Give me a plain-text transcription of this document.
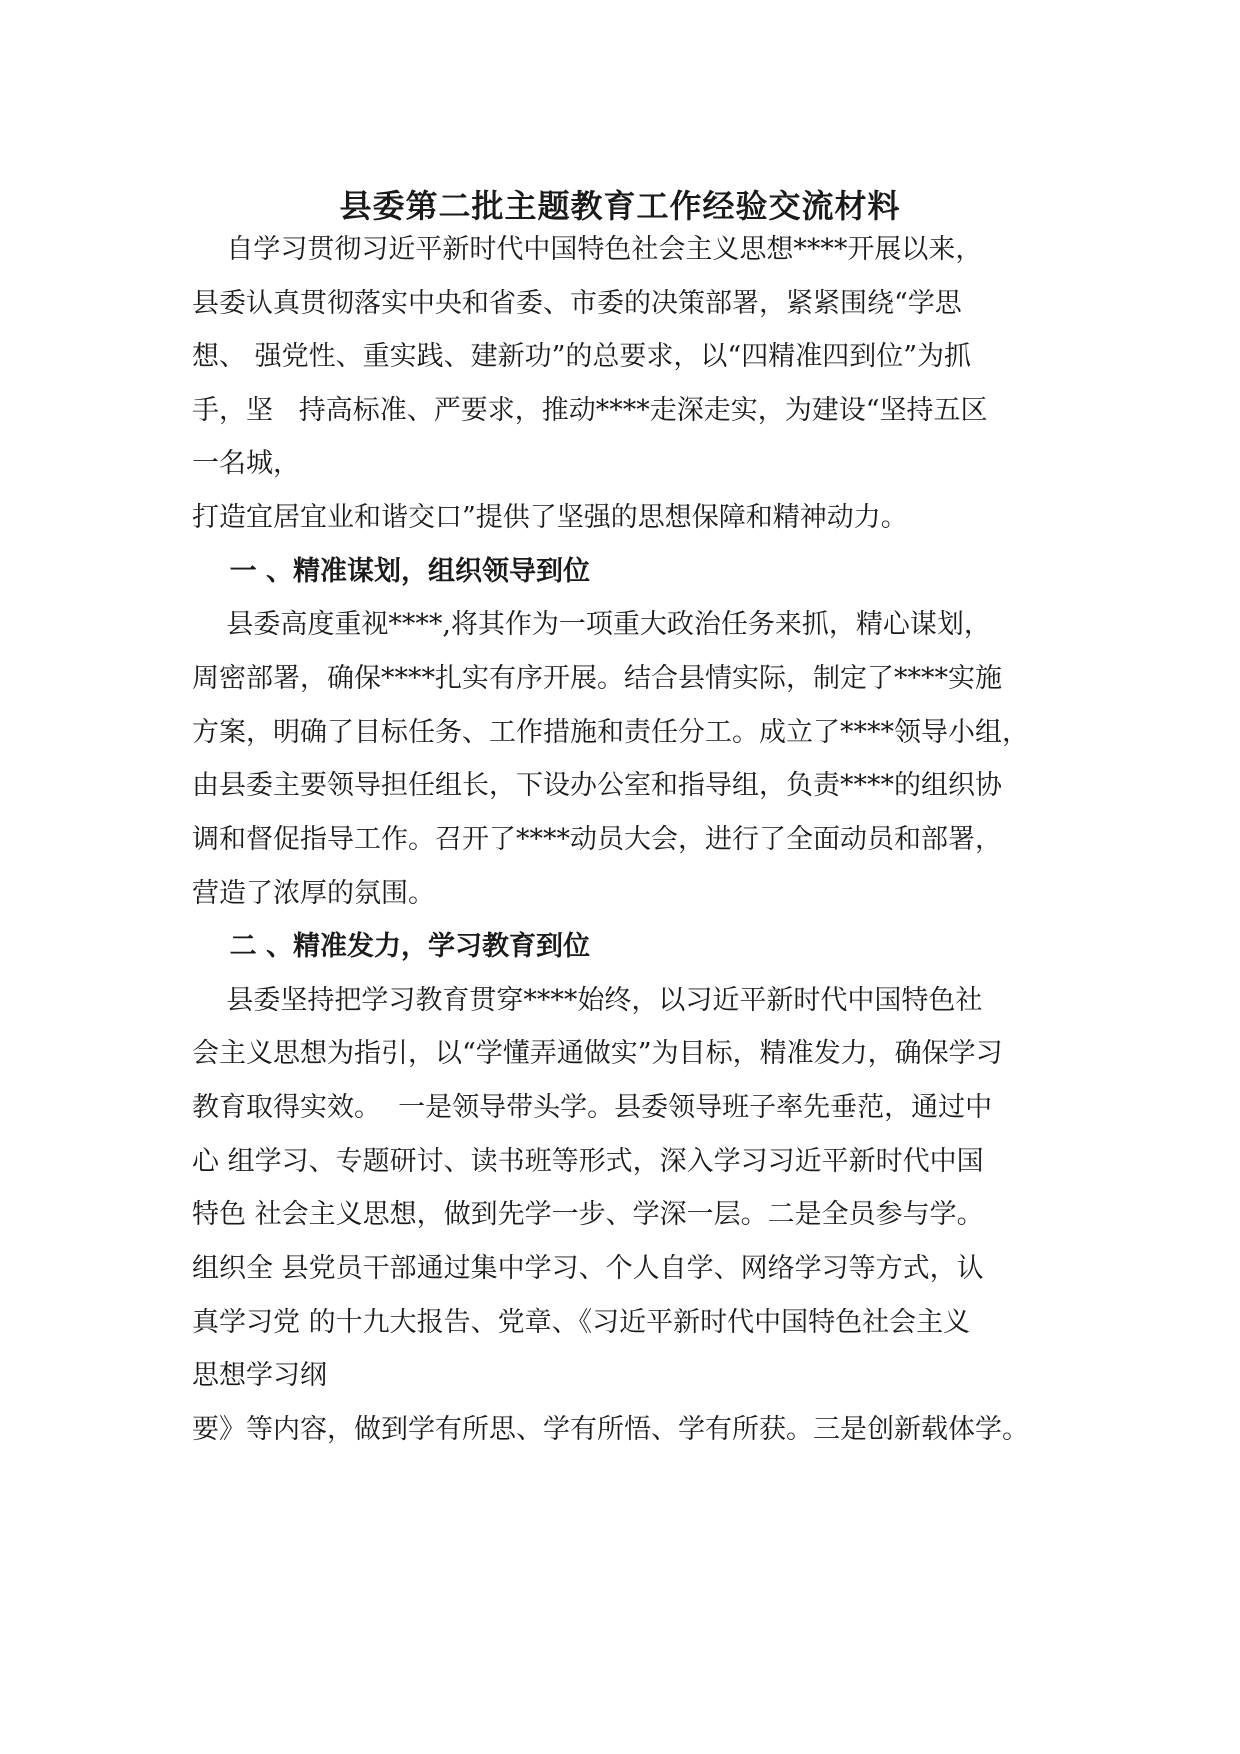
县委第二批主题教育工作经验交流材料

自学习贯彻习近平新时代中国特色社会主义思想****开展以来，

县委认真贯彻落实中央和省委、市委的决策部署，紧紧围绕“学思

想、 强党性、重实践、建新功”的总要求，以“四精准四到位”为抓

手，坚   持高标准、严要求，推动****走深走实，为建设“坚持五区

一名城，

打造宜居宜业和谐交口”提供了坚强的思想保障和精神动力。

一 、精准谋划，组织领导到位

县委高度重视****,将其作为一项重大政治任务来抓，精心谋划，

周密部署，确保****扎实有序开展。结合县情实际，制定了****实施

方案，明确了目标任务、工作措施和责任分工。成立了****领导小组，

由县委主要领导担任组长，下设办公室和指导组，负责****的组织协

调和督促指导工作。召开了****动员大会，进行了全面动员和部署，

营造了浓厚的氛围。

二 、精准发力，学习教育到位

县委坚持把学习教育贯穿****始终，以习近平新时代中国特色社

会主义思想为指引，以“学懂弄通做实”为目标，精准发力，确保学习

教育取得实效。  一是领导带头学。县委领导班子率先垂范，通过中

心 组学习、专题研讨、读书班等形式，深入学习习近平新时代中国

特色 社会主义思想，做到先学一步、学深一层。二是全员参与学。

组织全 县党员干部通过集中学习、个人自学、网络学习等方式，认

真学习党 的十九大报告、党章、《习近平新时代中国特色社会主义

思想学习纲

要》等内容，做到学有所思、学有所悟、学有所获。三是创新载体学。
